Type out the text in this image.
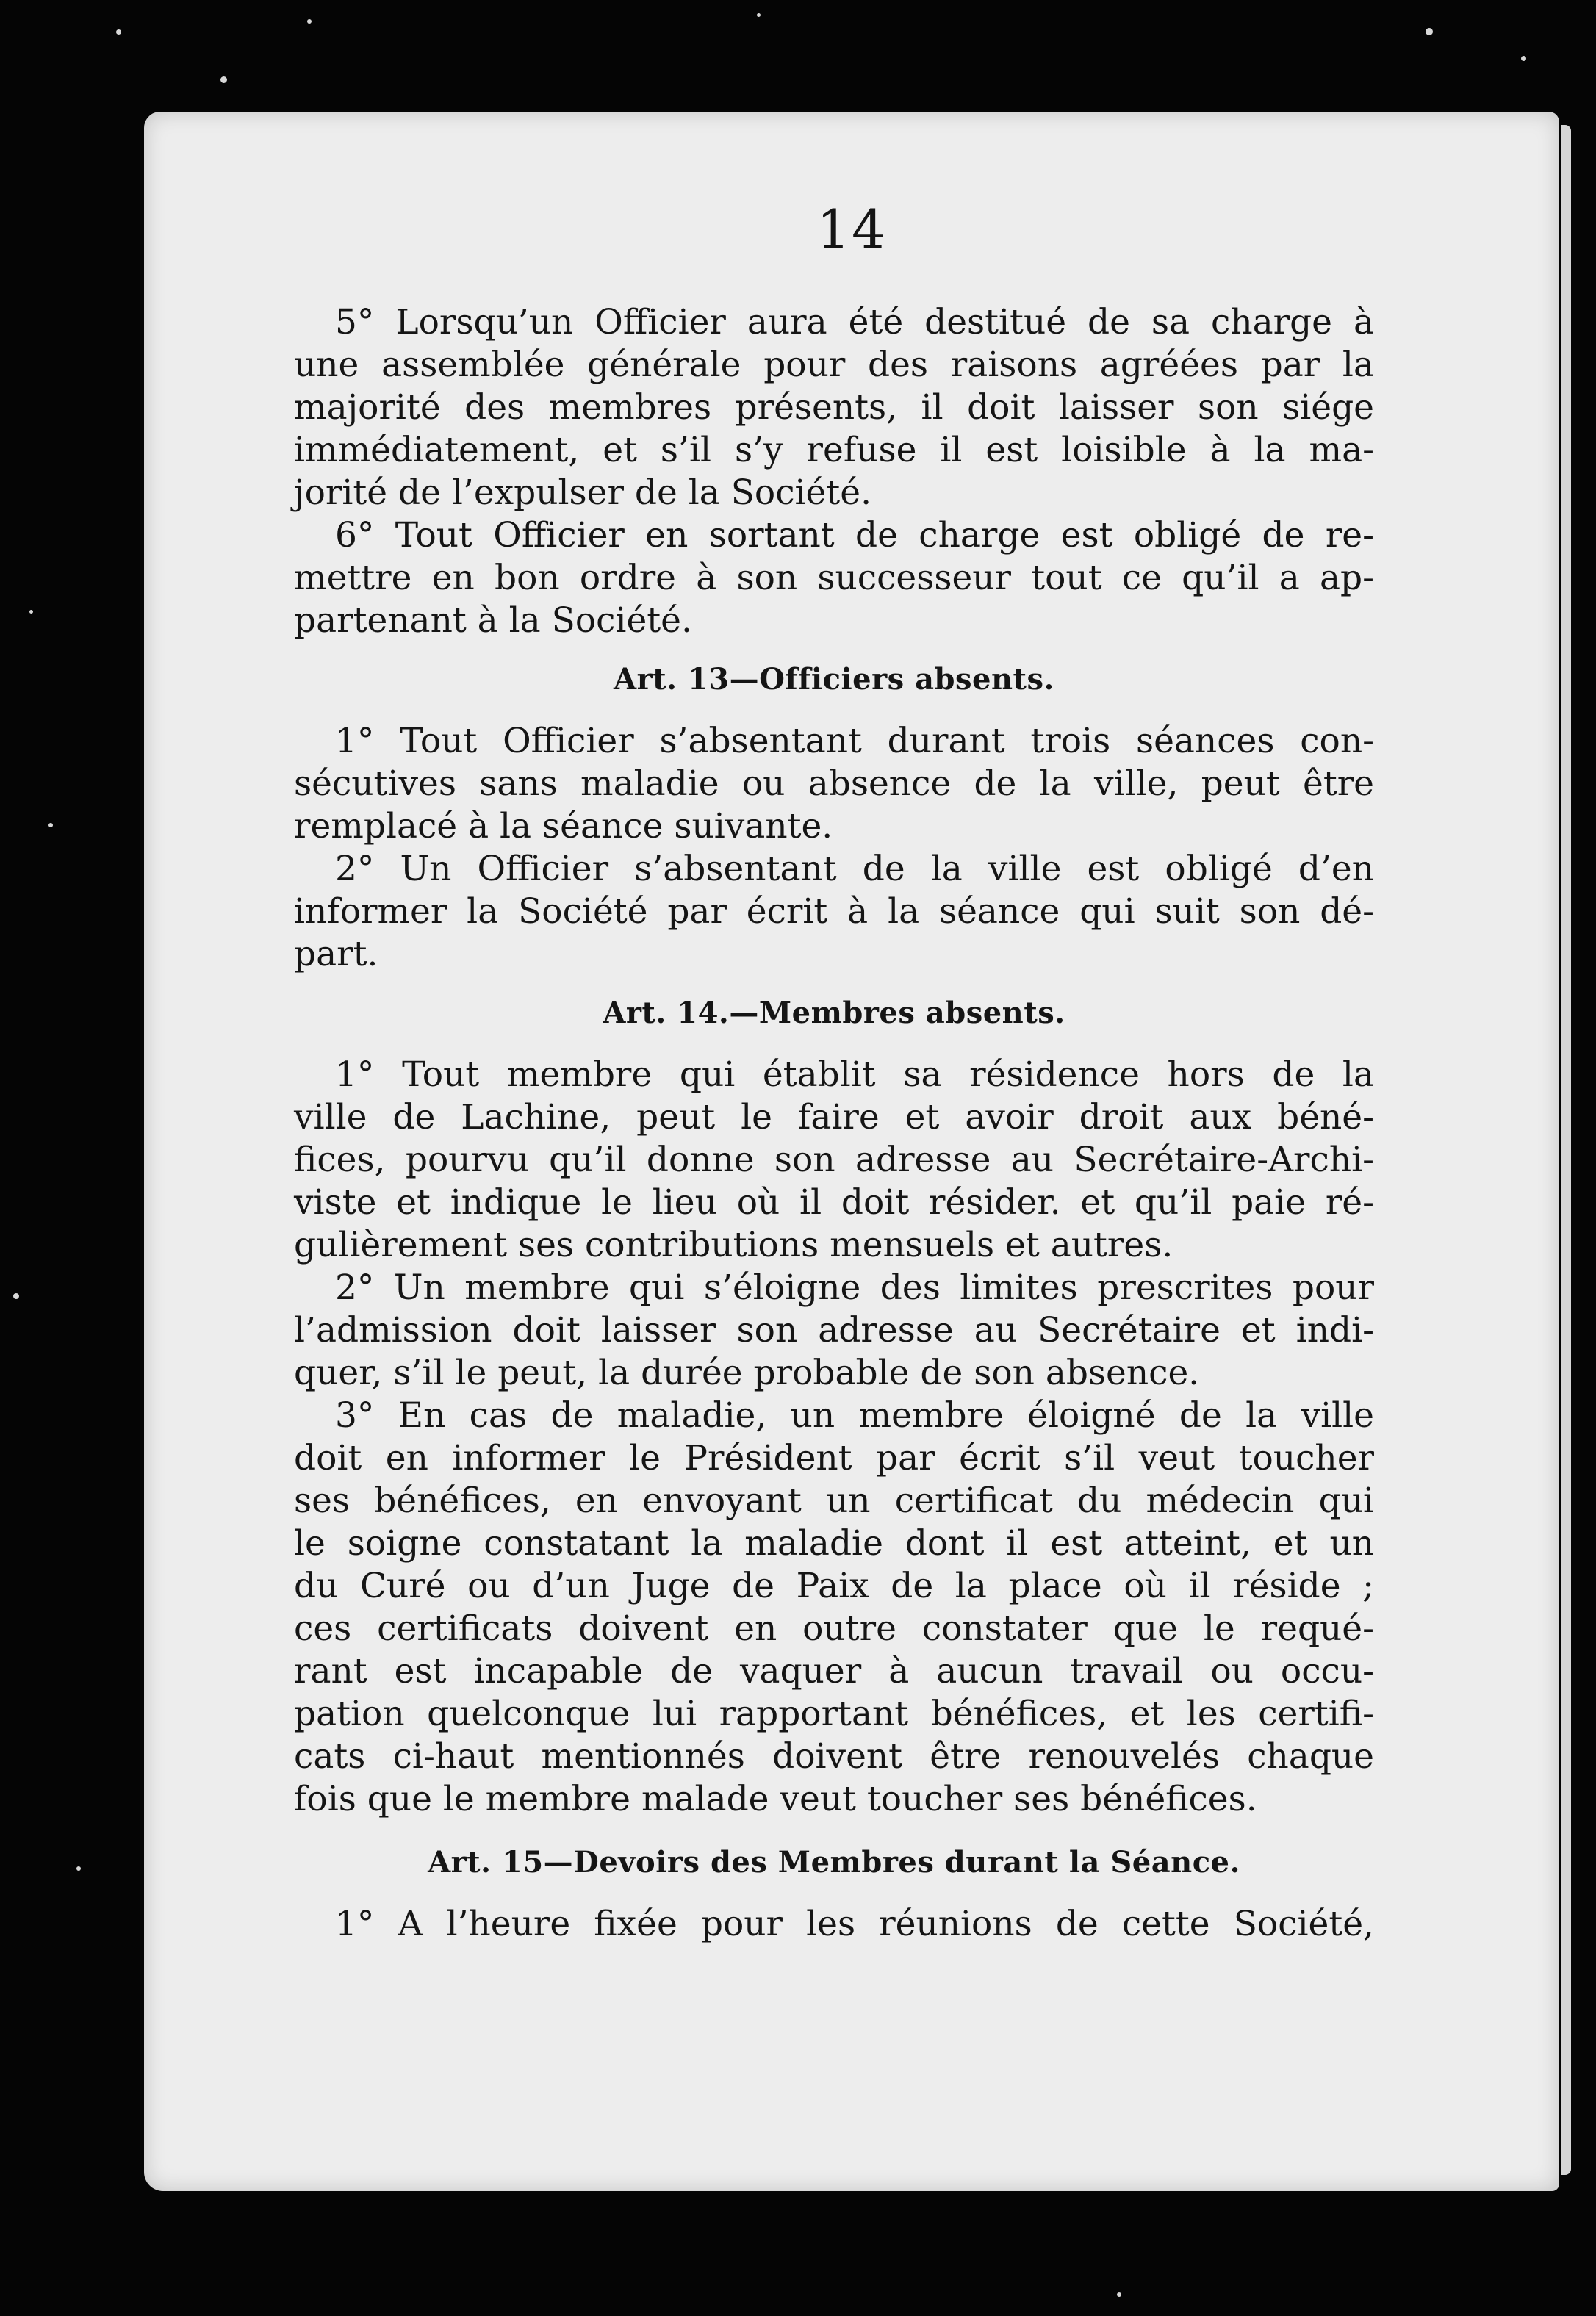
14
5° Lorsqu’un Officier aura été destitué de sa charge à
une assemblée générale pour des raisons agréées par la
majorité des membres présents, il doit laisser son siége
immédiatement, et s’il s’y refuse il est loisible à la ma-
jorité de l’expulser de la Société.
6° Tout Officier en sortant de charge est obligé de re-
mettre en bon ordre à son successeur tout ce qu’il a ap-
partenant à la Société.
Art. 13—Officiers absents.
1° Tout Officier s’absentant durant trois séances con-
sécutives sans maladie ou absence de la ville, peut être
remplacé à la séance suivante.
2° Un Officier s’absentant de la ville est obligé d’en
informer la Société par écrit à la séance qui suit son dé-
part.
Art. 14.—Membres absents.
1° Tout membre qui établit sa résidence hors de la
ville de Lachine, peut le faire et avoir droit aux béné-
fices, pourvu qu’il donne son adresse au Secrétaire-Archi-
viste et indique le lieu où il doit résider. et qu’il paie ré-
gulièrement ses contributions mensuels et autres.
2° Un membre qui s’éloigne des limites prescrites pour
l’admission doit laisser son adresse au Secrétaire et indi-
quer, s’il le peut, la durée probable de son absence.
3° En cas de maladie, un membre éloigné de la ville
doit en informer le Président par écrit s’il veut toucher
ses bénéfices, en envoyant un certificat du médecin qui
le soigne constatant la maladie dont il est atteint, et un
du Curé ou d’un Juge de Paix de la place où il réside ;
ces certificats doivent en outre constater que le requé-
rant est incapable de vaquer à aucun travail ou occu-
pation quelconque lui rapportant bénéfices, et les certifi-
cats ci-haut mentionnés doivent être renouvelés chaque
fois que le membre malade veut toucher ses bénéfices.
Art. 15—Devoirs des Membres durant la Séance.
1° A l’heure fixée pour les réunions de cette Société,
